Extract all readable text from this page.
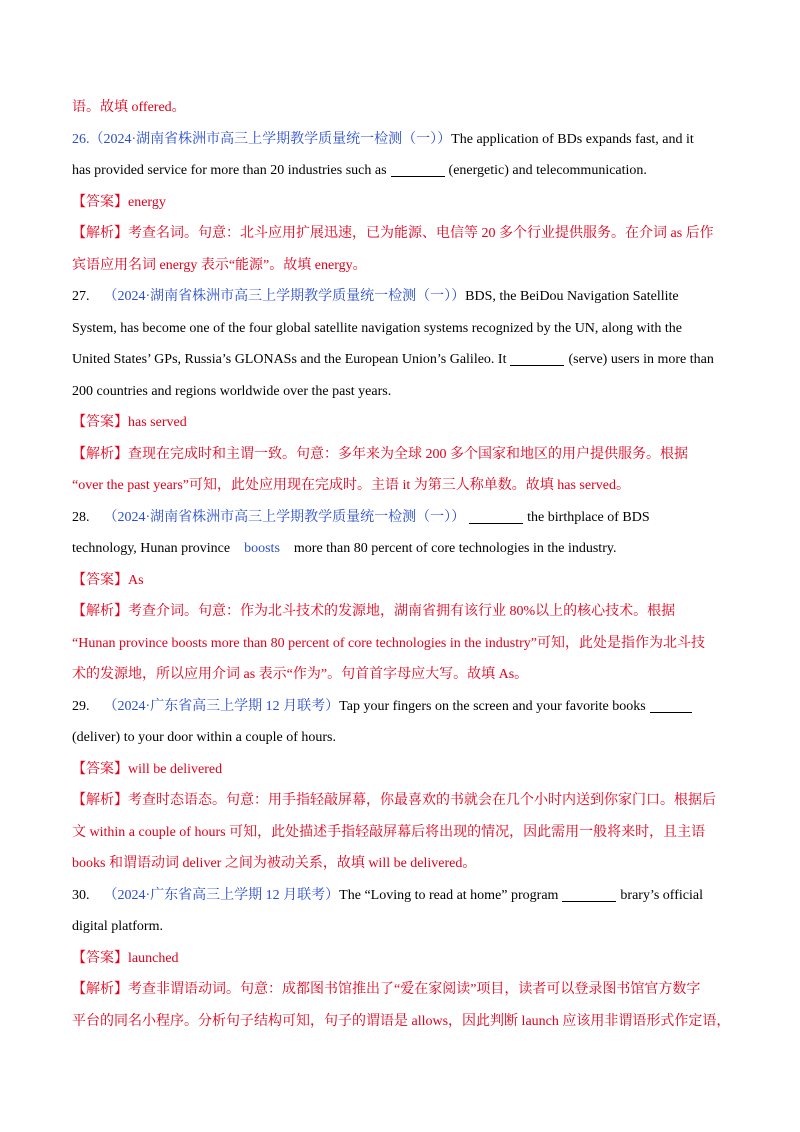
语。故填 offered。
26.（2024·湖南省株洲市高三上学期教学质量统一检测（一））The application of BDs expands fast, and it
has provided service for more than 20 industries such as	(energetic) and telecommunication.
【答案】energy
【解析】考查名词。句意：北斗应用扩展迅速，已为能源、电信等 20 多个行业提供服务。在介词 as 后作
宾语应用名词 energy 表示“能源”。故填 energy。
27. （2024·湖南省株洲市高三上学期教学质量统一检测（一））BDS, the BeiDou Navigation Satellite
System, has become one of the four global satellite navigation systems recognized by the UN, along with the
United States’ GPs, Russia’s GLONASs and the European Union’s Galileo. It	(serve) users in more than
200 countries and regions worldwide over the past years.
【答案】has served
【解析】查现在完成时和主谓一致。句意：多年来为全球 200 多个国家和地区的用户提供服务。根据
“over the past years”可知，此处应用现在完成时。主语 it 为第三人称单数。故填 has served。
28. （2024·湖南省株洲市高三上学期教学质量统一检测（一））	the birthplace of BDS
technology, Hunan province boosts more than 80 percent of core technologies in the industry.
【答案】As
【解析】考查介词。句意：作为北斗技术的发源地，湖南省拥有该行业 80%以上的核心技术。根据
“Hunan province boosts more than 80 percent of core technologies in the industry”可知，此处是指作为北斗技
术的发源地，所以应用介词 as 表示“作为”。句首首字母应大写。故填 As。
29. （2024·广东省高三上学期 12 月联考）Tap your fingers on the screen and your favorite books
(deliver) to your door within a couple of hours.
【答案】will be delivered
【解析】考查时态语态。句意：用手指轻敲屏幕，你最喜欢的书就会在几个小时内送到你家门口。根据后
文 within a couple of hours 可知，此处描述手指轻敲屏幕后将出现的情况，因此需用一般将来时，且主语
books 和谓语动词 deliver 之间为被动关系，故填 will be delivered。
30. （2024·广东省高三上学期 12 月联考）The “Loving to read at home” program	brary’s official
digital platform.
【答案】launched
【解析】考查非谓语动词。句意：成都图书馆推出了“爱在家阅读”项目，读者可以登录图书馆官方数字
平台的同名小程序。分析句子结构可知，句子的谓语是 allows，因此判断 launch 应该用非谓语形式作定语，
